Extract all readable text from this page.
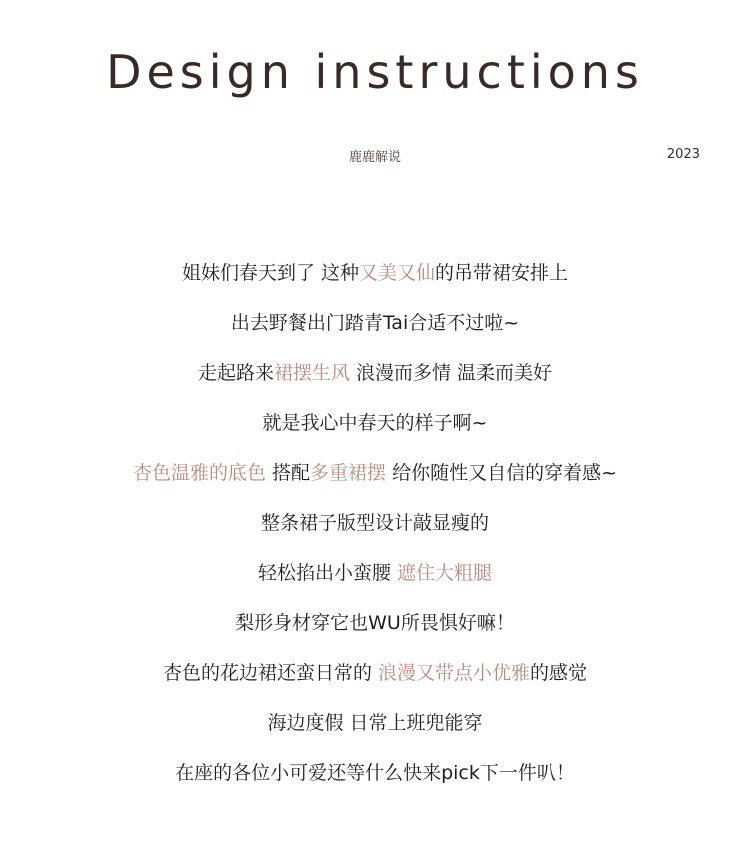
Design instructions
鹿鹿解说	2023
姐妹们春天到了 这种又美又仙的吊带裙安排上
出去野餐出门踏青Tai合适不过啦~
走起路来裙摆生风 浪漫而多情 温柔而美好
就是我心中春天的样子啊~
杏色温雅的底色 搭配多重裙摆 给你随性又自信的穿着感~
整条裙子版型设计敲显瘦的
轻松掐出小蛮腰 遮住大粗腿
梨形身材穿它也WU所畏惧好嘛！
杏色的花边裙还蛮日常的 浪漫又带点小优雅的感觉
海边度假 日常上班兜能穿
在座的各位小可爱还等什么快来pick下一件叭！
